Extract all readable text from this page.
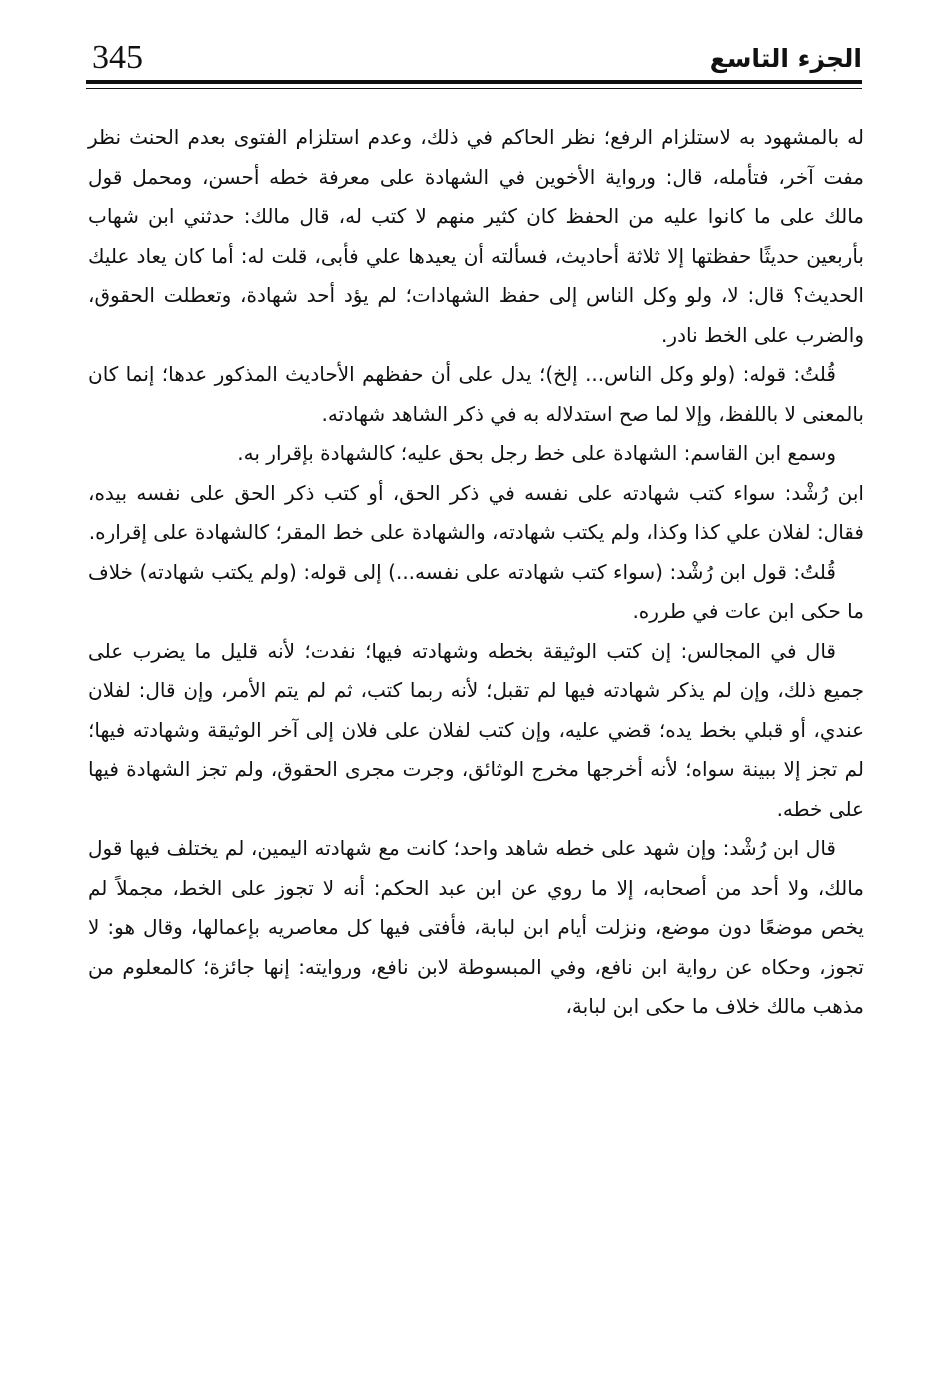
345	الجزء التاسع

له بالمشهود به لاستلزام الرفع؛ نظر الحاكم في ذلك، وعدم استلزام الفتوى بعدم الحنث نظر مفت آخر، فتأمله، قال: ورواية الأخوين في الشهادة على معرفة خطه أحسن، ومحمل قول مالك على ما كانوا عليه من الحفظ كان كثير منهم لا كتب له، قال مالك: حدثني ابن شهاب بأربعين حديثًا حفظتها إلا ثلاثة أحاديث، فسألته أن يعيدها علي فأبى، قلت له: أما كان يعاد عليك الحديث؟ قال: لا، ولو وكل الناس إلى حفظ الشهادات؛ لم يؤد أحد شهادة، وتعطلت الحقوق، والضرب على الخط نادر.

قُلتُ: قوله: (ولو وكل الناس... إلخ)؛ يدل على أن حفظهم الأحاديث المذكور عدها؛ إنما كان بالمعنى لا باللفظ، وإلا لما صح استدلاله به في ذكر الشاهد شهادته.

وسمع ابن القاسم: الشهادة على خط رجل بحق عليه؛ كالشهادة بإقرار به.

ابن رُشْد: سواء كتب شهادته على نفسه في ذكر الحق، أو كتب ذكر الحق على نفسه بيده، فقال: لفلان علي كذا وكذا، ولم يكتب شهادته، والشهادة على خط المقر؛ كالشهادة على إقراره.

قُلتُ: قول ابن رُشْد: (سواء كتب شهادته على نفسه...) إلى قوله: (ولم يكتب شهادته) خلاف ما حكى ابن عات في طرره.

قال في المجالس: إن كتب الوثيقة بخطه وشهادته فيها؛ نفدت؛ لأنه قليل ما يضرب على جميع ذلك، وإن لم يذكر شهادته فيها لم تقبل؛ لأنه ربما كتب، ثم لم يتم الأمر، وإن قال: لفلان عندي، أو قبلي بخط يده؛ قضي عليه، وإن كتب لفلان على فلان إلى آخر الوثيقة وشهادته فيها؛ لم تجز إلا ببينة سواه؛ لأنه أخرجها مخرج الوثائق، وجرت مجرى الحقوق، ولم تجز الشهادة فيها على خطه.

قال ابن رُشْد: وإن شهد على خطه شاهد واحد؛ كانت مع شهادته اليمين، لم يختلف فيها قول مالك، ولا أحد من أصحابه، إلا ما روي عن ابن عبد الحكم: أنه لا تجوز على الخط، مجملاً لم يخص موضعًا دون موضع، ونزلت أيام ابن لبابة، فأفتى فيها كل معاصريه بإعمالها، وقال هو: لا تجوز، وحكاه عن رواية ابن نافع، وفي المبسوطة لابن نافع، وروايته: إنها جائزة؛ كالمعلوم من مذهب مالك خلاف ما حكى ابن لبابة،
